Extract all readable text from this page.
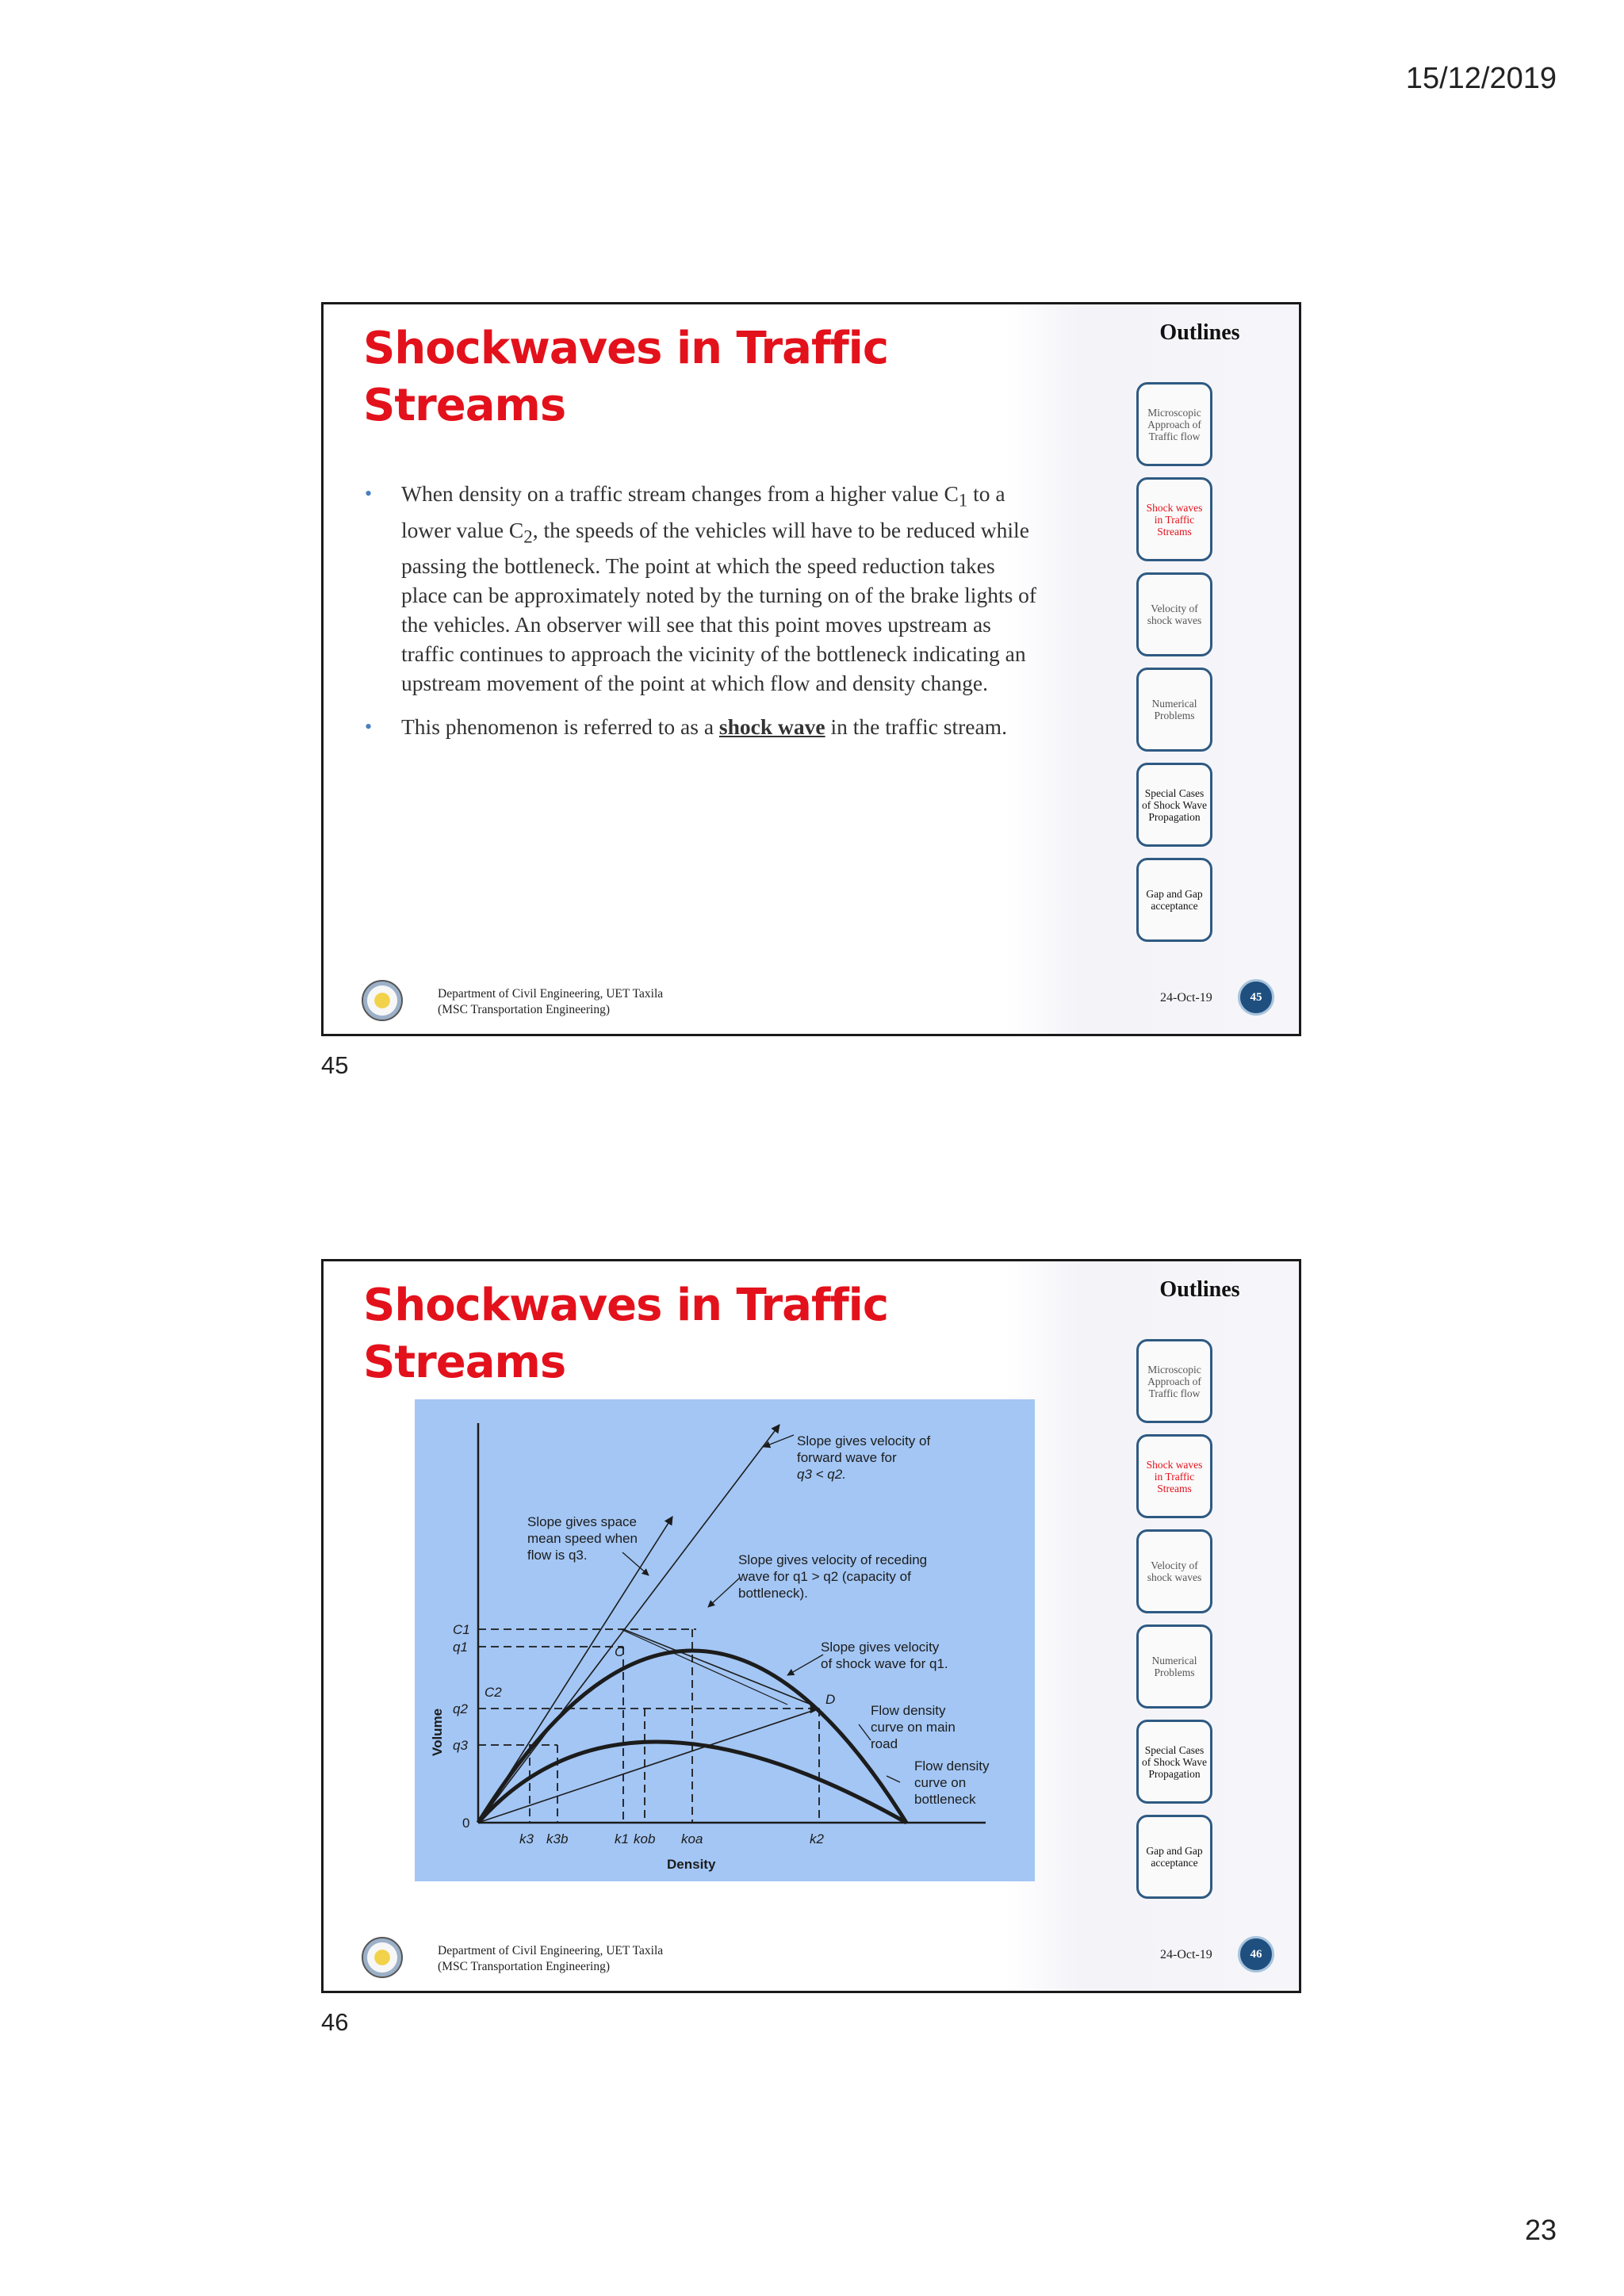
15/12/2019
Shockwaves in Traffic
Streams
Outlines
Microscopic Approach of Traffic flow
Shock waves in Traffic Streams
Velocity of shock waves
Numerical Problems
Special Cases of Shock Wave Propagation
Gap and Gap acceptance
• When density on a traffic stream changes from a higher value $C_1$ to a lower value $C_2$, the speeds of the vehicles will have to be reduced while passing the bottleneck. The point at which the speed reduction takes place can be approximately noted by the turning on of the brake lights of the vehicles. An observer will see that this point moves upstream as traffic continues to approach the vicinity of the bottleneck indicating an upstream movement of the point at which flow and density change.
• This phenomenon is referred to as a shock wave in the traffic stream.
Department of Civil Engineering, UET Taxila
(MSC Transportation Engineering)
24-Oct-19	45
45
Shockwaves in Traffic
Streams
Outlines
Microscopic Approach of Traffic flow
Shock waves in Traffic Streams
Velocity of shock waves
Numerical Problems
Special Cases of Shock Wave Propagation
Gap and Gap acceptance
Volume
Density
0
C1
q1
C2
q2
q3
k3 k3b	k1 kob koa	k2
C
D
Slope gives velocity of forward wave for q3 < q2.
Slope gives space mean speed when flow is q3.	Slope gives velocity of receding wave for q1 > q2 (capacity of bottleneck).
Slope gives velocity of shock wave for q1.
Flow density curve on main road
Flow density curve on bottleneck
Department of Civil Engineering, UET Taxila
(MSC Transportation Engineering)
24-Oct-19	46
46
23
